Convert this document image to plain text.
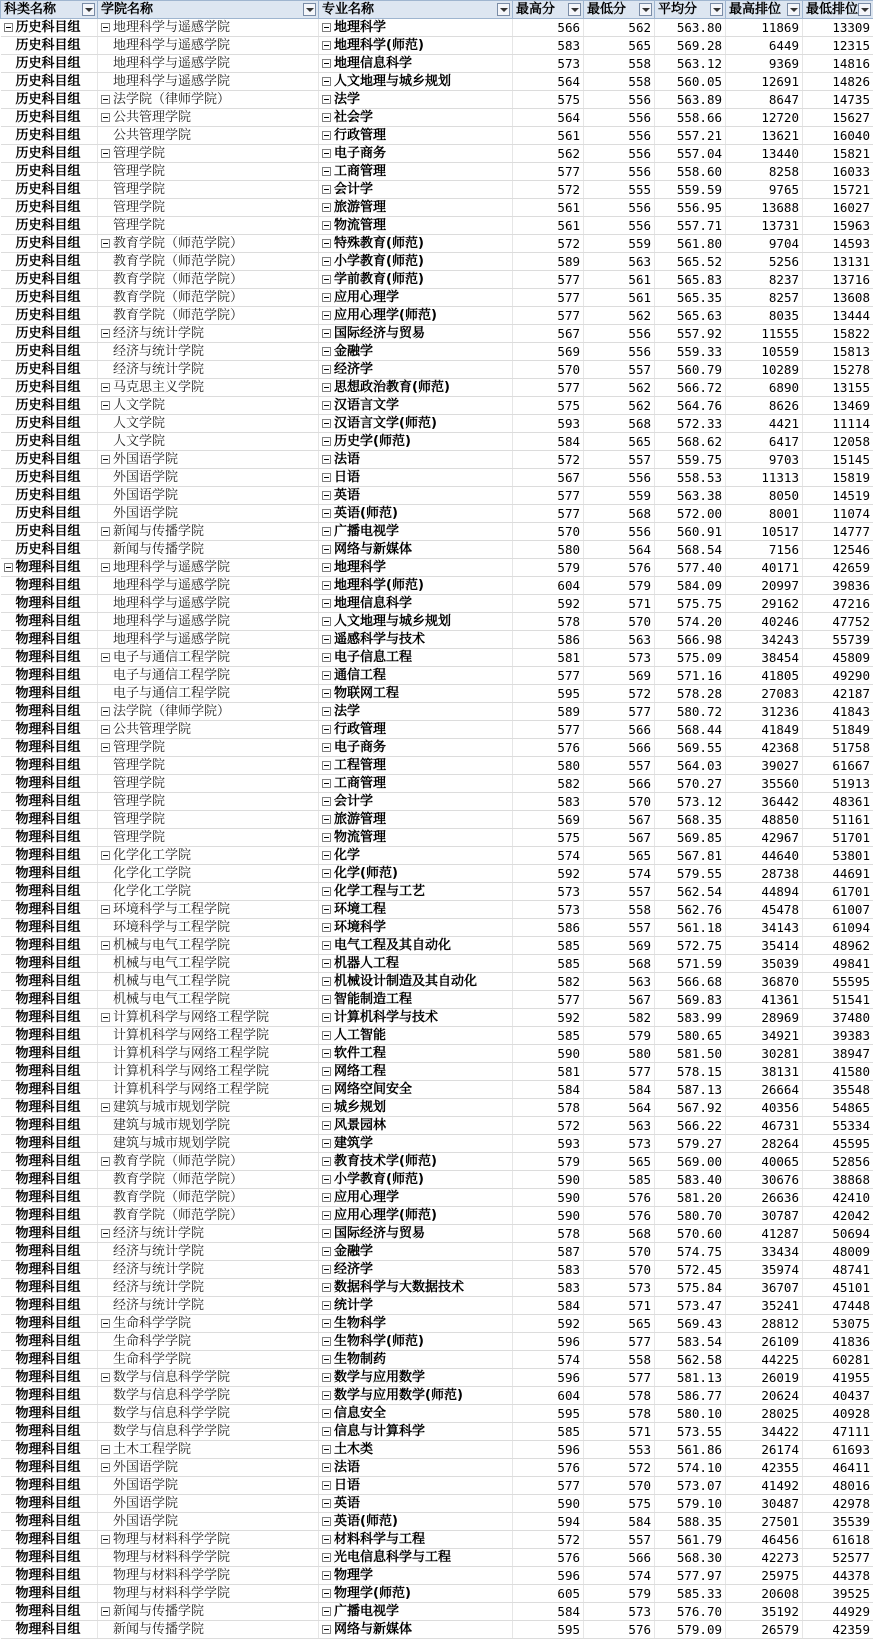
科类名称	学院名称	专业名称	最高分	最低分	平均分	最高排位	最低排位

历史科目组	地理科学与遥感学院	地理科学	566	562	563.80	11869	13309
历史科目组	地理科学与遥感学院	地理科学(师范)	583	565	569.28	6449	12315
历史科目组	地理科学与遥感学院	地理信息科学	573	558	563.12	9369	14816
历史科目组	地理科学与遥感学院	人文地理与城乡规划	564	558	560.05	12691	14826
历史科目组	法学院（律师学院）	法学	575	556	563.89	8647	14735
历史科目组	公共管理学院	社会学	564	556	558.66	12720	15627
历史科目组	公共管理学院	行政管理	561	556	557.21	13621	16040
历史科目组	管理学院	电子商务	562	556	557.04	13440	15821
历史科目组	管理学院	工商管理	577	556	558.60	8258	16033
历史科目组	管理学院	会计学	572	555	559.59	9765	15721
历史科目组	管理学院	旅游管理	561	556	556.95	13688	16027
历史科目组	管理学院	物流管理	561	556	557.71	13731	15963
历史科目组	教育学院（师范学院）	特殊教育(师范)	572	559	561.80	9704	14593
历史科目组	教育学院（师范学院）	小学教育(师范)	589	563	565.52	5256	13131
历史科目组	教育学院（师范学院）	学前教育(师范)	577	561	565.83	8237	13716
历史科目组	教育学院（师范学院）	应用心理学	577	561	565.35	8257	13608
历史科目组	教育学院（师范学院）	应用心理学(师范)	577	562	565.63	8035	13444
历史科目组	经济与统计学院	国际经济与贸易	567	556	557.92	11555	15822
历史科目组	经济与统计学院	金融学	569	556	559.33	10559	15813
历史科目组	经济与统计学院	经济学	570	557	560.79	10289	15278
历史科目组	马克思主义学院	思想政治教育(师范)	577	562	566.72	6890	13155
历史科目组	人文学院	汉语言文学	575	562	564.76	8626	13469
历史科目组	人文学院	汉语言文学(师范)	593	568	572.33	4421	11114
历史科目组	人文学院	历史学(师范)	584	565	568.62	6417	12058
历史科目组	外国语学院	法语	572	557	559.75	9703	15145
历史科目组	外国语学院	日语	567	556	558.53	11313	15819
历史科目组	外国语学院	英语	577	559	563.38	8050	14519
历史科目组	外国语学院	英语(师范)	577	568	572.00	8001	11074
历史科目组	新闻与传播学院	广播电视学	570	556	560.91	10517	14777
历史科目组	新闻与传播学院	网络与新媒体	580	564	568.54	7156	12546
物理科目组	地理科学与遥感学院	地理科学	579	576	577.40	40171	42659
物理科目组	地理科学与遥感学院	地理科学(师范)	604	579	584.09	20997	39836
物理科目组	地理科学与遥感学院	地理信息科学	592	571	575.75	29162	47216
物理科目组	地理科学与遥感学院	人文地理与城乡规划	578	570	574.20	40246	47752
物理科目组	地理科学与遥感学院	遥感科学与技术	586	563	566.98	34243	55739
物理科目组	电子与通信工程学院	电子信息工程	581	573	575.09	38454	45809
物理科目组	电子与通信工程学院	通信工程	577	569	571.16	41805	49290
物理科目组	电子与通信工程学院	物联网工程	595	572	578.28	27083	42187
物理科目组	法学院（律师学院）	法学	589	577	580.72	31236	41843
物理科目组	公共管理学院	行政管理	577	566	568.44	41849	51849
物理科目组	管理学院	电子商务	576	566	569.55	42368	51758
物理科目组	管理学院	工程管理	580	557	564.03	39027	61667
物理科目组	管理学院	工商管理	582	566	570.27	35560	51913
物理科目组	管理学院	会计学	583	570	573.12	36442	48361
物理科目组	管理学院	旅游管理	569	567	568.35	48850	51161
物理科目组	管理学院	物流管理	575	567	569.85	42967	51701
物理科目组	化学化工学院	化学	574	565	567.81	44640	53801
物理科目组	化学化工学院	化学(师范)	592	574	579.55	28738	44691
物理科目组	化学化工学院	化学工程与工艺	573	557	562.54	44894	61701
物理科目组	环境科学与工程学院	环境工程	573	558	562.76	45478	61007
物理科目组	环境科学与工程学院	环境科学	586	557	561.18	34143	61094
物理科目组	机械与电气工程学院	电气工程及其自动化	585	569	572.75	35414	48962
物理科目组	机械与电气工程学院	机器人工程	585	568	571.59	35039	49841
物理科目组	机械与电气工程学院	机械设计制造及其自动化	582	563	566.68	36870	55595
物理科目组	机械与电气工程学院	智能制造工程	577	567	569.83	41361	51541
物理科目组	计算机科学与网络工程学院	计算机科学与技术	592	582	583.99	28969	37480
物理科目组	计算机科学与网络工程学院	人工智能	585	579	580.65	34921	39383
物理科目组	计算机科学与网络工程学院	软件工程	590	580	581.50	30281	38947
物理科目组	计算机科学与网络工程学院	网络工程	581	577	578.15	38131	41580
物理科目组	计算机科学与网络工程学院	网络空间安全	584	584	587.13	26664	35548
物理科目组	建筑与城市规划学院	城乡规划	578	564	567.92	40356	54865
物理科目组	建筑与城市规划学院	风景园林	572	563	566.22	46731	55334
物理科目组	建筑与城市规划学院	建筑学	593	573	579.27	28264	45595
物理科目组	教育学院（师范学院）	教育技术学(师范)	579	565	569.00	40065	52856
物理科目组	教育学院（师范学院）	小学教育(师范)	590	585	583.40	30676	38868
物理科目组	教育学院（师范学院）	应用心理学	590	576	581.20	26636	42410
物理科目组	教育学院（师范学院）	应用心理学(师范)	590	576	580.70	30787	42042
物理科目组	经济与统计学院	国际经济与贸易	578	568	570.60	41287	50694
物理科目组	经济与统计学院	金融学	587	570	574.75	33434	48009
物理科目组	经济与统计学院	经济学	583	570	572.45	35974	48741
物理科目组	经济与统计学院	数据科学与大数据技术	583	573	575.84	36707	45101
物理科目组	经济与统计学院	统计学	584	571	573.47	35241	47448
物理科目组	生命科学学院	生物科学	592	565	569.43	28812	53075
物理科目组	生命科学学院	生物科学(师范)	596	577	583.54	26109	41836
物理科目组	生命科学学院	生物制药	574	558	562.58	44225	60281
物理科目组	数学与信息科学学院	数学与应用数学	596	577	581.13	26019	41955
物理科目组	数学与信息科学学院	数学与应用数学(师范)	604	578	586.77	20624	40437
物理科目组	数学与信息科学学院	信息安全	595	578	580.10	28025	40928
物理科目组	数学与信息科学学院	信息与计算科学	585	571	573.55	34422	47111
物理科目组	土木工程学院	土木类	596	553	561.86	26174	61693
物理科目组	外国语学院	法语	576	572	574.10	42355	46411
物理科目组	外国语学院	日语	577	570	573.07	41492	48016
物理科目组	外国语学院	英语	590	575	579.10	30487	42978
物理科目组	外国语学院	英语(师范)	594	584	588.35	27501	35539
物理科目组	物理与材料科学学院	材料科学与工程	572	557	561.79	46456	61618
物理科目组	物理与材料科学学院	光电信息科学与工程	576	566	568.30	42273	52577
物理科目组	物理与材料科学学院	物理学	596	574	577.97	25975	44378
物理科目组	物理与材料科学学院	物理学(师范)	605	579	585.33	20608	39525
物理科目组	新闻与传播学院	广播电视学	584	573	576.70	35192	44929
物理科目组	新闻与传播学院	网络与新媒体	595	576	579.09	26579	42359
